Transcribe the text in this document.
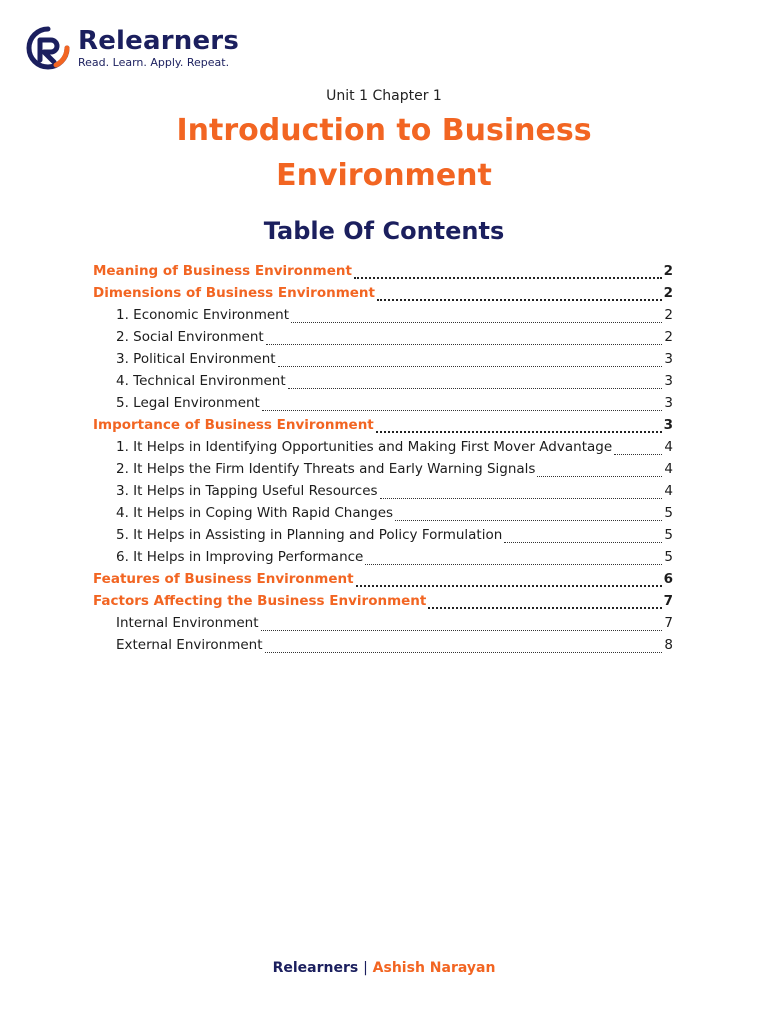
Relearners
Read. Learn. Apply. Repeat.
Unit 1 Chapter 1
Introduction to Business
Environment
Table Of Contents
Meaning of Business Environment	2
Dimensions of Business Environment	2
1. Economic Environment	2
2. Social Environment	2
3. Political Environment	3
4. Technical Environment	3
5. Legal Environment	3
Importance of Business Environment	3
1. It Helps in Identifying Opportunities and Making First Mover Advantage	4
2. It Helps the Firm Identify Threats and Early Warning Signals	4
3. It Helps in Tapping Useful Resources	4
4. It Helps in Coping With Rapid Changes	5
5. It Helps in Assisting in Planning and Policy Formulation	5
6. It Helps in Improving Performance	5
Features of Business Environment	6
Factors Affecting the Business Environment	7
Internal Environment	7
External Environment	8
Relearners | Ashish Narayan
